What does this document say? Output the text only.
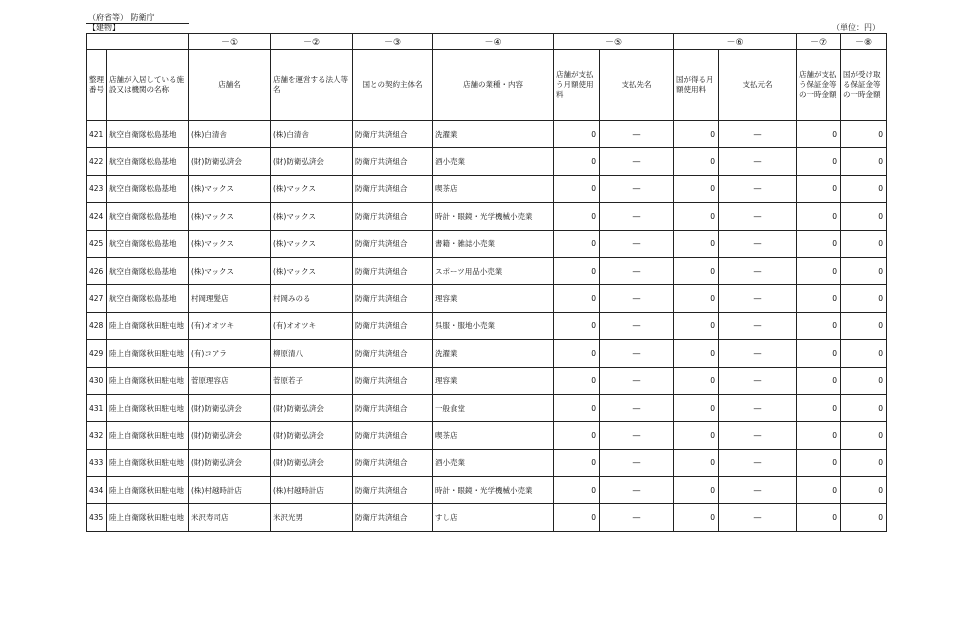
（府省等） 防衛庁
【建物】	（単位：円）
		－①	－②	－③	－④	－⑤		－⑥		－⑦	－⑧
整理番号	店舗が入居している施設又は機関の名称	店舗名	店舗を運営する法人等名	国との契約主体名	店舗の業種・内容	店舗が支払う月額使用料	支払先名	国が得る月額使用料	支払元名	店舗が支払う保証金等の一時金額	国が受け取る保証金等の一時金額
421	航空自衛隊松島基地	(株)白清舎	(株)白清舎	防衛庁共済組合	洗濯業	0	―	0	―	0	0
422	航空自衛隊松島基地	(財)防衛弘済会	(財)防衛弘済会	防衛庁共済組合	酒小売業	0	―	0	―	0	0
423	航空自衛隊松島基地	(株)マックス	(株)マックス	防衛庁共済組合	喫茶店	0	―	0	―	0	0
424	航空自衛隊松島基地	(株)マックス	(株)マックス	防衛庁共済組合	時計・眼鏡・光学機械小売業	0	―	0	―	0	0
425	航空自衛隊松島基地	(株)マックス	(株)マックス	防衛庁共済組合	書籍・雑誌小売業	0	―	0	―	0	0
426	航空自衛隊松島基地	(株)マックス	(株)マックス	防衛庁共済組合	スポーツ用品小売業	0	―	0	―	0	0
427	航空自衛隊松島基地	村岡理髪店	村岡みのる	防衛庁共済組合	理容業	0	―	0	―	0	0
428	陸上自衛隊秋田駐屯地	(有)オオツキ	(有)オオツキ	防衛庁共済組合	呉服・服地小売業	0	―	0	―	0	0
429	陸上自衛隊秋田駐屯地	(有)コアラ	柳原清八	防衛庁共済組合	洗濯業	0	―	0	―	0	0
430	陸上自衛隊秋田駐屯地	菅原理容店	菅原若子	防衛庁共済組合	理容業	0	―	0	―	0	0
431	陸上自衛隊秋田駐屯地	(財)防衛弘済会	(財)防衛弘済会	防衛庁共済組合	一般食堂	0	―	0	―	0	0
432	陸上自衛隊秋田駐屯地	(財)防衛弘済会	(財)防衛弘済会	防衛庁共済組合	喫茶店	0	―	0	―	0	0
433	陸上自衛隊秋田駐屯地	(財)防衛弘済会	(財)防衛弘済会	防衛庁共済組合	酒小売業	0	―	0	―	0	0
434	陸上自衛隊秋田駐屯地	(株)村越時計店	(株)村越時計店	防衛庁共済組合	時計・眼鏡・光学機械小売業	0	―	0	―	0	0
435	陸上自衛隊秋田駐屯地	米沢寿司店	米沢光男	防衛庁共済組合	すし店	0	―	0	―	0	0
